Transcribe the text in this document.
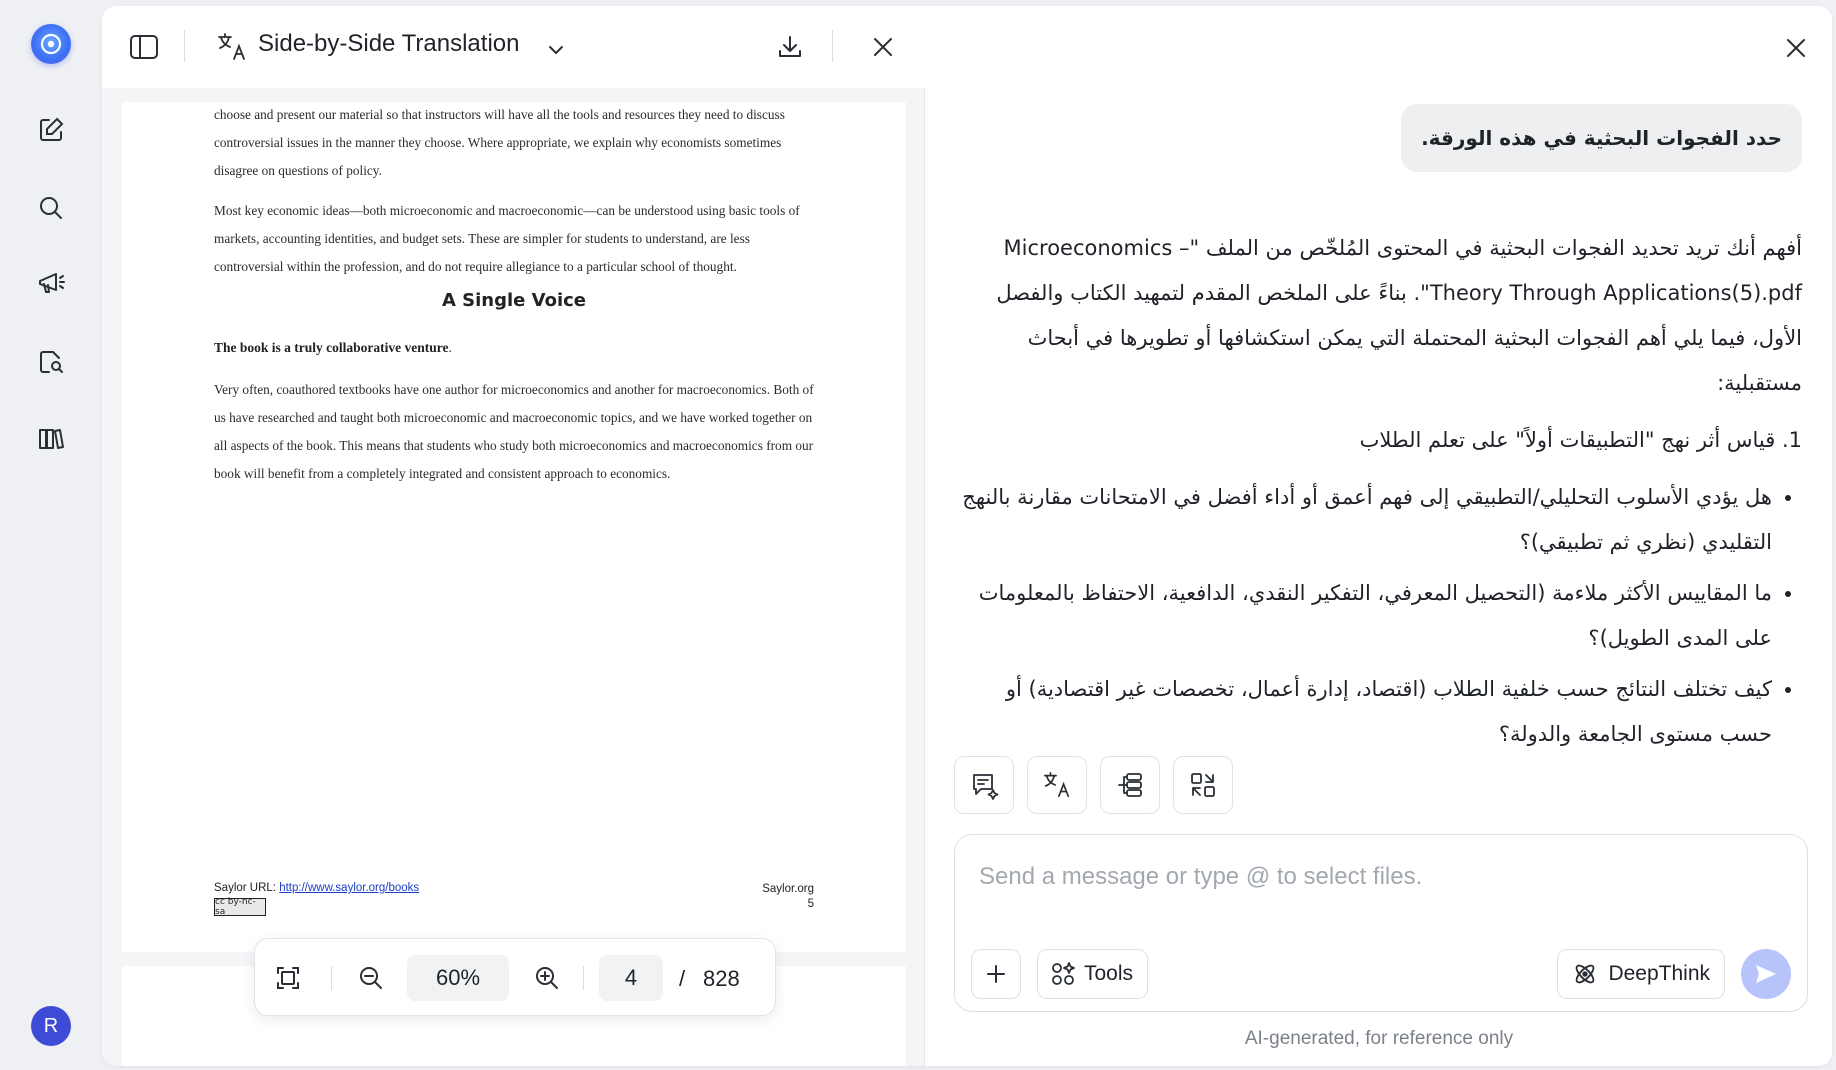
R
Side-by-Side Translation
choose and present our material so that instructors will have all the tools and resources they need to discuss controversial issues in the manner they choose. Where appropriate, we explain why economists sometimes disagree on questions of policy.
Most key economic ideas—both microeconomic and macroeconomic—can be understood using basic tools of markets, accounting identities, and budget sets. These are simpler for students to understand, are less controversial within the profession, and do not require allegiance to a particular school of thought.
A Single Voice
The book is a truly collaborative venture.
Very often, coauthored textbooks have one author for microeconomics and another for macroeconomics. Both of us have researched and taught both microeconomic and macroeconomic topics, and we have worked together on all aspects of the book. This means that students who study both microeconomics and macroeconomics from our book will benefit from a completely integrated and consistent approach to economics.
Saylor URL: http://www.saylor.org/books
cc by-nc-sa
Saylor.org
5
60%	4	/ 828
حدد الفجوات البحثية في هذه الورقة.

أفهم أنك تريد تحديد الفجوات البحثية في المحتوى المُلخّص من الملف "Microeconomics – Theory Through Applications(5).pdf". بناءً على الملخص المقدم لتمهيد الكتاب والفصل الأول، فيما يلي أهم الفجوات البحثية المحتملة التي يمكن استكشافها أو تطويرها في أبحاث مستقبلية:

1. قياس أثر نهج "التطبيقات أولاً" على تعلم الطلاب

• هل يؤدي الأسلوب التحليلي/التطبيقي إلى فهم أعمق أو أداء أفضل في الامتحانات مقارنة بالنهج التقليدي (نظري ثم تطبيقي)؟
• ما المقاييس الأكثر ملاءمة (التحصيل المعرفي، التفكير النقدي، الدافعية، الاحتفاظ بالمعلومات على المدى الطويل)؟
• كيف تختلف النتائج حسب خلفية الطلاب (اقتصاد، إدارة أعمال، تخصصات غير اقتصادية) أو حسب مستوى الجامعة والدولة؟
Send a message or type @ to select files.
Tools	DeepThink
AI-generated, for reference only
